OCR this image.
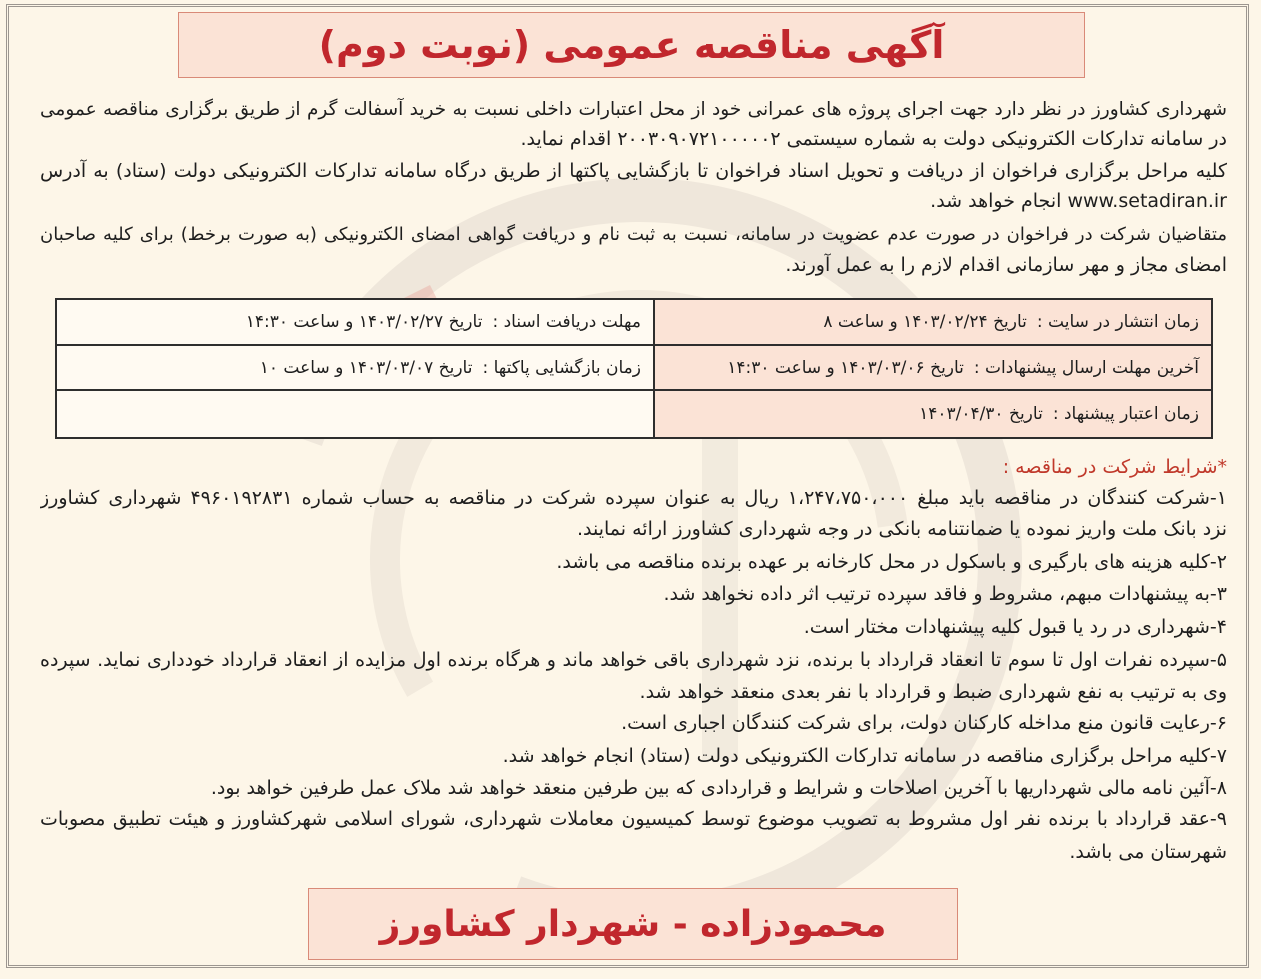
آگهی مناقصه عمومی (نوبت دوم)
شهرداری کشاورز در نظر دارد جهت اجرای پروژه های عمرانی خود از محل اعتبارات داخلی نسبت به خرید آسفالت گرم از طریق برگزاری مناقصه عمومی
در سامانه تدارکات الکترونیکی دولت به شماره سیستمی ۲۰۰۳۰۹۰۷۲۱۰۰۰۰۰۲ اقدام نماید.
کلیه مراحل برگزاری فراخوان از دریافت و تحویل اسناد فراخوان تا بازگشایی پاکتها از طریق درگاه سامانه تدارکات الکترونیکی دولت (ستاد) به آدرس
www.setadiran.ir انجام خواهد شد.
متقاضیان شرکت در فراخوان در صورت عدم عضویت در سامانه، نسبت به ثبت نام و دریافت گواهی امضای الکترونیکی (به صورت برخط) برای کلیه صاحبان
امضای مجاز و مهر سازمانی اقدام لازم را به عمل آورند.
زمان انتشار در سایت :تاریخ ۱۴۰۳/۰۲/۲۴ و ساعت ۸	مهلت دریافت اسناد :تاریخ ۱۴۰۳/۰۲/۲۷ و ساعت ۱۴:۳۰
آخرین مهلت ارسال پیشنهادات :تاریخ ۱۴۰۳/۰۳/۰۶ و ساعت ۱۴:۳۰	زمان بازگشایی پاکتها :تاریخ ۱۴۰۳/۰۳/۰۷ و ساعت ۱۰
زمان اعتبار پیشنهاد :تاریخ ۱۴۰۳/۰۴/۳۰	
*شرایط شرکت در مناقصه :
۱-شرکت کنندگان در مناقصه باید مبلغ ۱،۲۴۷،۷۵۰،۰۰۰ ریال به عنوان سپرده شرکت در مناقصه به حساب شماره ۴۹۶۰۱۹۲۸۳۱ شهرداری کشاورز
نزد بانک ملت واریز نموده یا ضمانتنامه بانکی در وجه شهرداری کشاورز ارائه نمایند.
۲-کلیه هزینه های بارگیری و باسکول در محل کارخانه بر عهده برنده مناقصه می باشد.
۳-به پیشنهادات مبهم، مشروط و فاقد سپرده ترتیب اثر داده نخواهد شد.
۴-شهرداری در رد یا قبول کلیه پیشنهادات مختار است.
۵-سپرده نفرات اول تا سوم تا انعقاد قرارداد با برنده، نزد شهرداری باقی خواهد ماند و هرگاه برنده اول مزایده از انعقاد قرارداد خودداری نماید. سپرده
وی به ترتیب به نفع شهرداری ضبط و قرارداد با نفر بعدی منعقد خواهد شد.
۶-رعایت قانون منع مداخله کارکنان دولت، برای شرکت کنندگان اجباری است.
۷-کلیه مراحل برگزاری مناقصه در سامانه تدارکات الکترونیکی دولت (ستاد) انجام خواهد شد.
۸-آئین نامه مالی شهرداریها با آخرین اصلاحات و شرایط و قراردادی که بین طرفین منعقد خواهد شد ملاک عمل طرفین خواهد بود.
۹-عقد قرارداد با برنده نفر اول مشروط به تصویب موضوع توسط کمیسیون معاملات شهرداری، شورای اسلامی شهرکشاورز و هیئت تطبیق مصوبات
شهرستان می باشد.
محمودزاده - شهردار کشاورز
